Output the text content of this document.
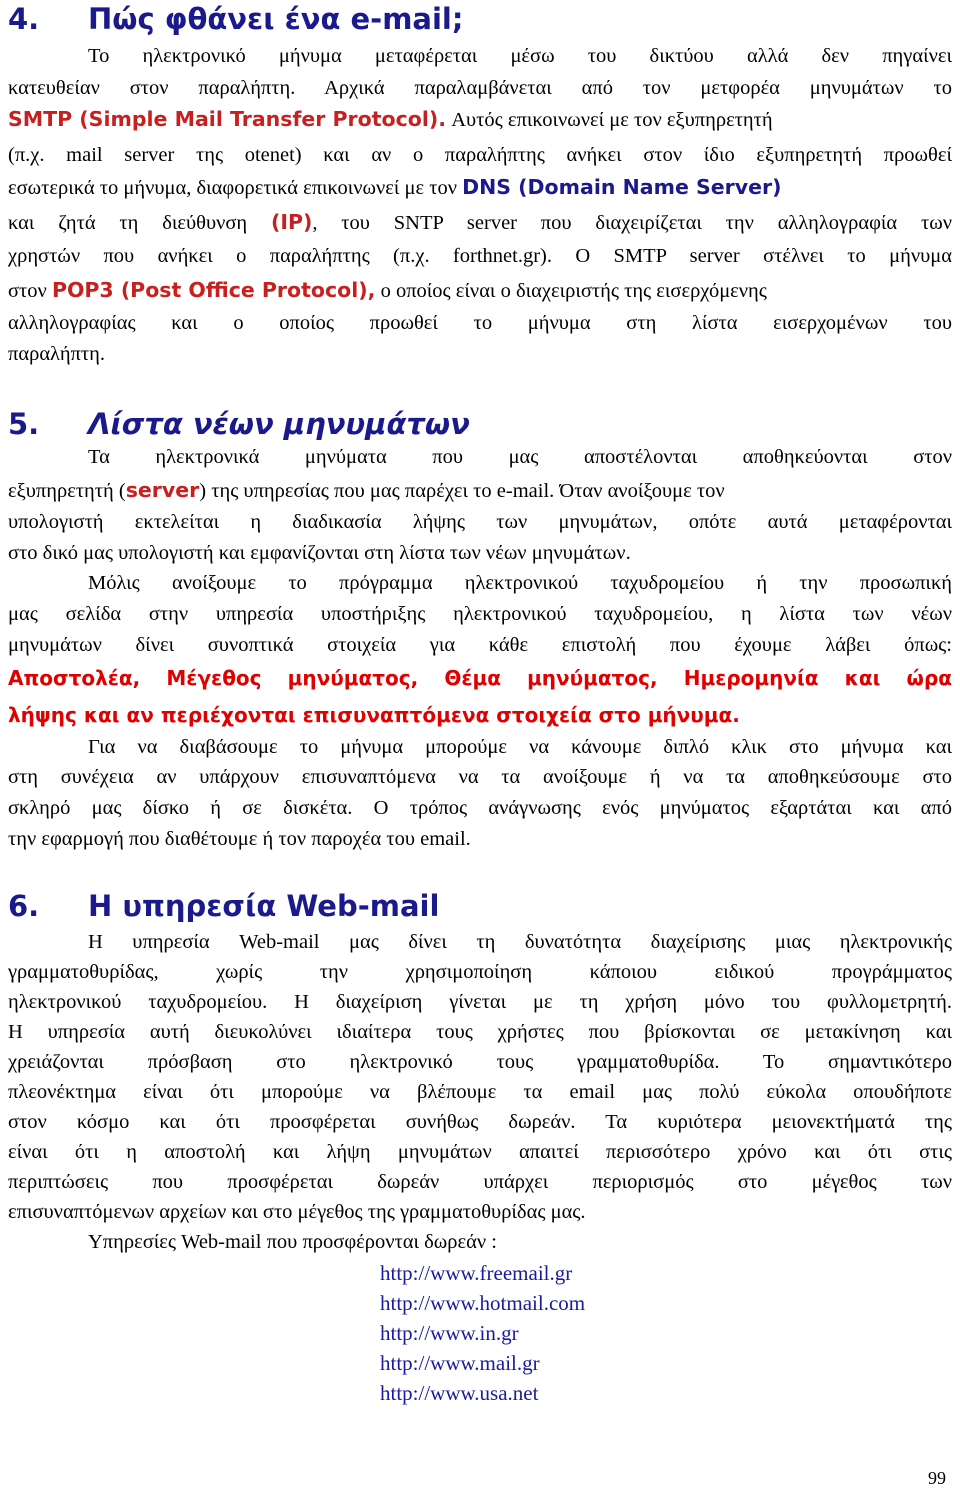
4. Πώς φθάνει ένα e-mail;
Το ηλεκτρονικό μήνυμα μεταφέρεται μέσω του δικτύου αλλά δεν πηγαίνει
κατευθείαν στον παραλήπτη. Αρχικά παραλαμβάνεται από τον μετφορέα μηνυμάτων το
SMTP (Simple Mail Transfer Protocol). Αυτός επικοινωνεί με τον εξυπηρετητή
(π.χ. mail server της otenet) και αν ο παραλήπτης ανήκει στον ίδιο εξυπηρετητή προωθεί
εσωτερικά το μήνυμα, διαφορετικά επικοινωνεί με τον DNS (Domain Name Server)
και ζητά τη διεύθυνση (IP), του SNTP server που διαχειρίζεται την αλληλογραφία των
χρηστών που ανήκει ο παραλήπτης (π.χ. forthnet.gr). Ο SMTP server στέλνει το μήνυμα
στον POP3 (Post Office Protocol), ο οποίος είναι ο διαχειριστής της εισερχόμενης
αλληλογραφίας και ο οποίος προωθεί το μήνυμα στη λίστα εισερχομένων του
παραλήπτη.
5. Λίστα νέων μηνυμάτων
Τα ηλεκτρονικά μηνύματα που μας αποστέλονται αποθηκεύονται στον
εξυπηρετητή (server) της υπηρεσίας που μας παρέχει το e-mail. Όταν ανοίξουμε τον
υπολογιστή εκτελείται η διαδικασία λήψης των μηνυμάτων, οπότε αυτά μεταφέρονται
στο δικό μας υπολογιστή και εμφανίζονται στη λίστα των νέων μηνυμάτων.
Μόλις ανοίξουμε το πρόγραμμα ηλεκτρονικού ταχυδρομείου ή την προσωπική
μας σελίδα στην υπηρεσία υποστήριξης ηλεκτρονικού ταχυδρομείου, η λίστα των νέων
μηνυμάτων δίνει συνοπτικά στοιχεία για κάθε επιστολή που έχουμε λάβει όπως:
Αποστολέα, Μέγεθος μηνύματος, Θέμα μηνύματος, Ημερομηνία και ώρα
λήψης και αν περιέχονται επισυναπτόμενα στοιχεία στο μήνυμα.
Για να διαβάσουμε το μήνυμα μπορούμε να κάνουμε διπλό κλικ στο μήνυμα και
στη συνέχεια αν υπάρχουν επισυναπτόμενα να τα ανοίξουμε ή να τα αποθηκεύσουμε στο
σκληρό μας δίσκο ή σε δισκέτα. Ο τρόπος ανάγνωσης ενός μηνύματος εξαρτάται και από
την εφαρμογή που διαθέτουμε ή τον παροχέα του email.
6. Η υπηρεσία Web-mail
Η υπηρεσία Web-mail μας δίνει τη δυνατότητα διαχείρισης μιας ηλεκτρονικής
γραμματοθυρίδας, χωρίς την χρησιμοποίηση κάποιου ειδικού προγράμματος
ηλεκτρονικού ταχυδρομείου. Η διαχείριση γίνεται με τη χρήση μόνο του φυλλομετρητή.
Η υπηρεσία αυτή διευκολύνει ιδιαίτερα τους χρήστες που βρίσκονται σε μετακίνηση και
χρειάζονται πρόσβαση στο ηλεκτρονικό τους γραμματοθυρίδα. Το σημαντικότερο
πλεονέκτημα είναι ότι μπορούμε να βλέπουμε τα email μας πολύ εύκολα οπουδήποτε
στον κόσμο και ότι προσφέρεται συνήθως δωρεάν. Τα κυριότερα μειονεκτήματά της
είναι ότι η αποστολή και λήψη μηνυμάτων απαιτεί περισσότερο χρόνο και ότι στις
περιπτώσεις που προσφέρεται δωρεάν υπάρχει περιορισμός στο μέγεθος των
επισυναπτόμενων αρχείων και στο μέγεθος της γραμματοθυρίδας μας.
Υπηρεσίες Web-mail που προσφέρονται δωρεάν :
http://www.freemail.gr
http://www.hotmail.com
http://www.in.gr
http://www.mail.gr
http://www.usa.net
99
